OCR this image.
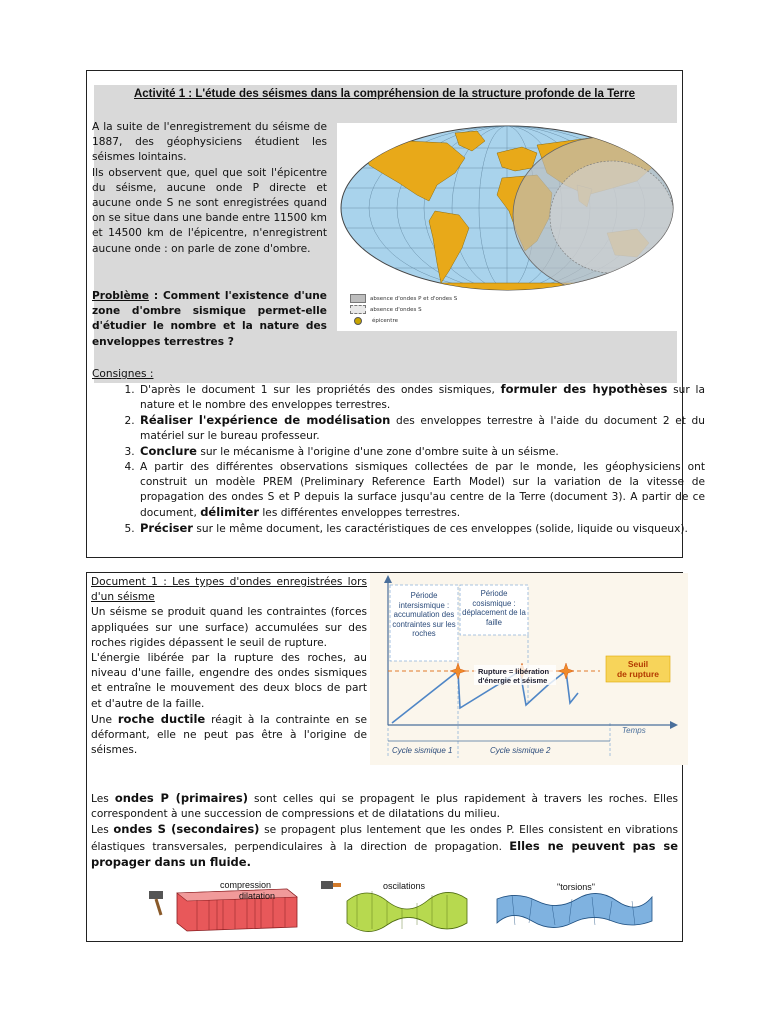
Activité 1 : L'étude des séismes dans la compréhension de la structure profonde de la Terre
A la suite de l'enregistrement du séisme de 1887, des géophysiciens étudient les séismes lointains.
Ils observent que, quel que soit l'épicentre du séisme, aucune onde P directe et aucune onde S ne sont enregistrées quand on se situe dans une bande entre 11500 km et 14500 km de l'épicentre, n'enregistrent aucune onde : on parle de zone d'ombre.
Problème : Comment l'existence d'une zone d'ombre sismique permet-elle d'étudier le nombre et la nature des enveloppes terrestres ?
absence d'ondes P et d'ondes S
absence d'ondes S
épicentre
Consignes :
1. D'après le document 1 sur les propriétés des ondes sismiques, formuler des hypothèses sur la nature et le nombre des enveloppes terrestres.
2. Réaliser l'expérience de modélisation des enveloppes terrestre à l'aide du document 2 et du matériel sur le bureau professeur.
3. Conclure sur le mécanisme à l'origine d'une zone d'ombre suite à un séisme.
4. A partir des différentes observations sismiques collectées de par le monde, les géophysiciens ont construit un modèle PREM (Preliminary Reference Earth Model) sur la variation de la vitesse de propagation des ondes S et P depuis la surface jusqu'au centre de la Terre (document 3). A partir de ce document, délimiter les différentes enveloppes terrestres.
5. Préciser sur le même document, les caractéristiques de ces enveloppes (solide, liquide ou visqueux).
Document 1 : Les types d'ondes enregistrées lors d'un séisme
Un séisme se produit quand les contraintes (forces appliquées sur une surface) accumulées sur des roches rigides dépassent le seuil de rupture.
L'énergie libérée par la rupture des roches, au niveau d'une faille, engendre des ondes sismiques et entraîne le mouvement des deux blocs de part et d'autre de la faille.
Une roche ductile réagit à la contrainte en se déformant, elle ne peut pas être à l'origine de séismes.
Période intersismique : accumulation des contraintes sur les roches
Période cosismique : déplacement de la faille
Seuil
de rupture
Rupture = libération
d'énergie et séisme
Temps
Cycle sismique 1	Cycle sismique 2
Les ondes P (primaires) sont celles qui se propagent le plus rapidement à travers les roches. Elles correspondent à une succession de compressions et de dilatations du milieu.
Les ondes S (secondaires) se propagent plus lentement que les ondes P. Elles consistent en vibrations élastiques transversales, perpendiculaires à la direction de propagation. Elles ne peuvent pas se propager dans un fluide.
compression
dilatation
oscilations	"torsions"
